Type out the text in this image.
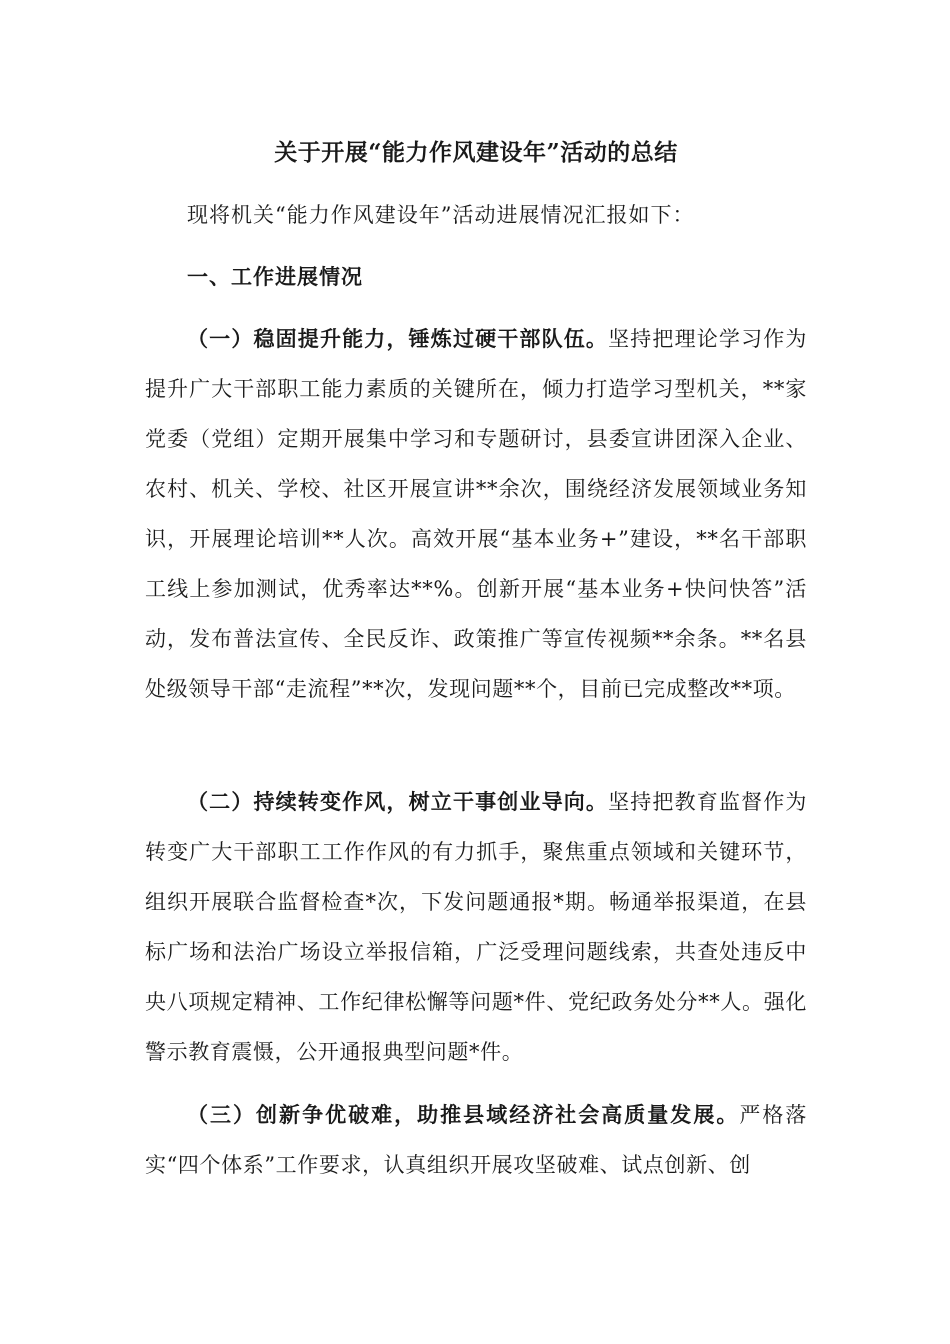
关于开展“能力作风建设年”活动的总结

现将机关“能力作风建设年”活动进展情况汇报如下：

一、工作进展情况

（一）稳固提升能力，锤炼过硬干部队伍。坚持把理论学习作为提升广大干部职工能力素质的关键所在，倾力打造学习型机关，**家党委（党组）定期开展集中学习和专题研讨，县委宣讲团深入企业、农村、机关、学校、社区开展宣讲**余次，围绕经济发展领域业务知识，开展理论培训**人次。高效开展“基本业务+”建设，**名干部职工线上参加测试，优秀率达**%。创新开展“基本业务+快问快答”活动，发布普法宣传、全民反诈、政策推广等宣传视频**余条。**名县处级领导干部“走流程”**次，发现问题**个，目前已完成整改**项。

（二）持续转变作风，树立干事创业导向。坚持把教育监督作为转变广大干部职工工作作风的有力抓手，聚焦重点领域和关键环节，组织开展联合监督检查*次，下发问题通报*期。畅通举报渠道，在县标广场和法治广场设立举报信箱，广泛受理问题线索，共查处违反中央八项规定精神、工作纪律松懈等问题*件、党纪政务处分**人。强化警示教育震慑，公开通报典型问题*件。

（三）创新争优破难，助推县域经济社会高质量发展。严格落实“四个体系”工作要求，认真组织开展攻坚破难、试点创新、创
